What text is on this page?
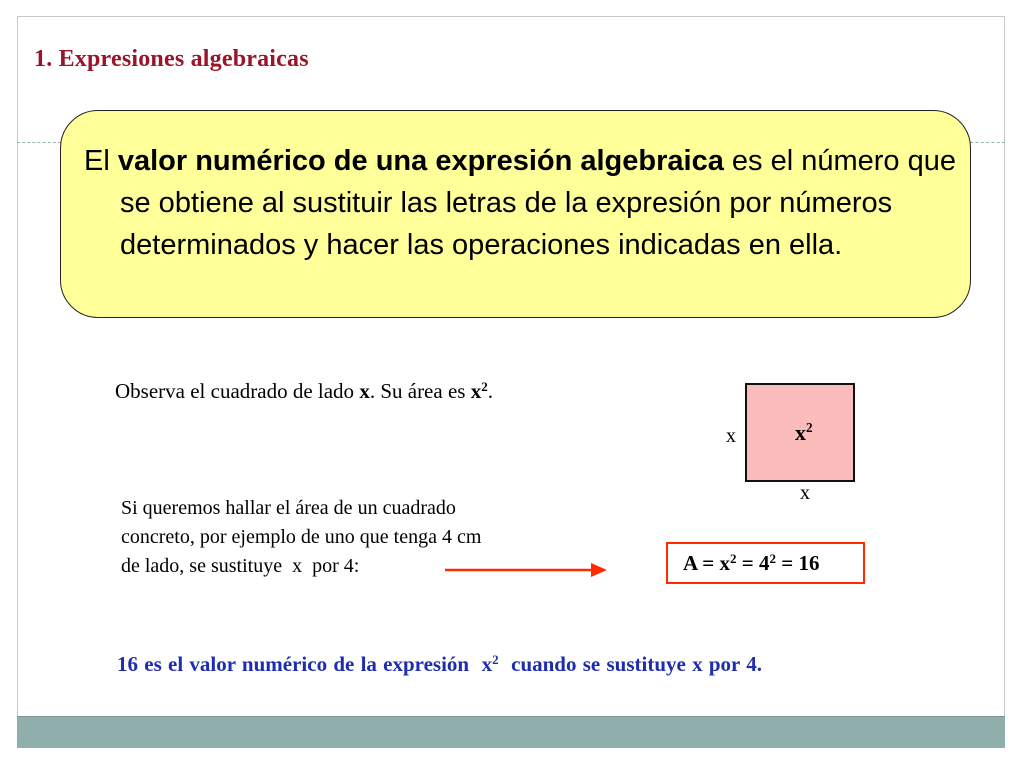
1. Expresiones algebraicas

El valor numérico de una expresión algebraica es el número que se obtiene al sustituir las letras de la expresión por números determinados y hacer las operaciones indicadas en ella.

Observa el cuadrado de lado x. Su área es $x^2$.
$x^2$
x
x

Si queremos hallar el área de un cuadrado
concreto, por ejemplo de uno que tenga 4 cm
de lado, se sustituye  x  por 4:	$A = x^2 = 4^2 = 16$

16 es el valor numérico de la expresión  $x^2$  cuando se sustituye x por 4.
